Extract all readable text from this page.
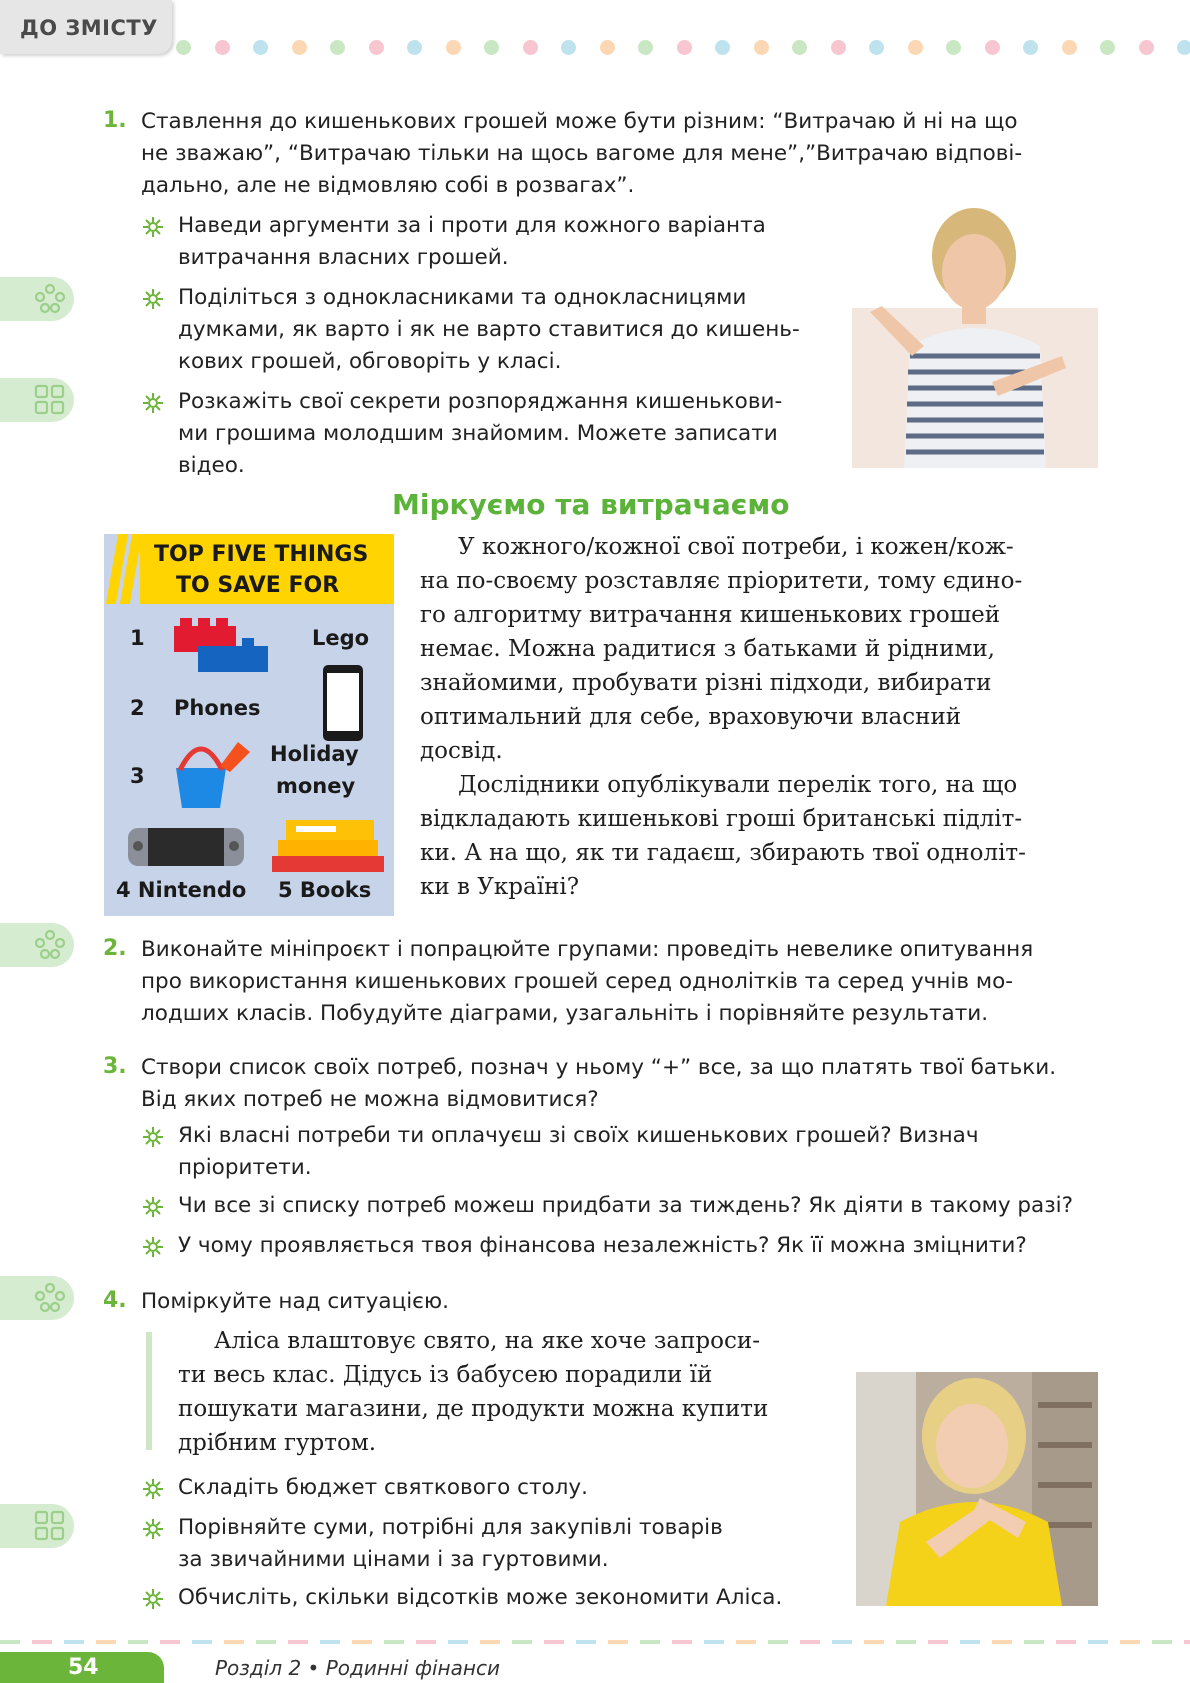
ДО ЗМІСТУ
1. Ставлення до кишенькових грошей може бути різним: “Витрачаю й ні на що
не зважаю”, “Витрачаю тільки на щось вагоме для мене”,”Витрачаю відпові-
дально, але не відмовляю собі в розвагах”.
Наведи аргументи за і проти для кожного варіанта
витрачання власних грошей.
Поділіться з однокласниками та однокласницями
думками, як варто і як не варто ставитися до кишень-
кових грошей, обговоріть у класі.
Розкажіть свої секрети розпоряджання кишенькови-
ми грошима молодшим знайомим. Можете записати
відео.
Міркуємо та витрачаємо
TOP FIVE THINGS
TO SAVE FOR
1	Lego
2 Phones
3
Holiday
money
4 Nintendo 5 Books
У кожного/кожної свої потреби, і кожен/кож-
на по-своєму розставляє пріоритети, тому єдино-
го алгоритму витрачання кишенькових грошей
немає. Можна радитися з батьками й рідними,
знайомими, пробувати різні підходи, вибирати
оптимальний для себе, враховуючи власний
досвід.
Дослідники опублікували перелік того, на що
відкладають кишенькові гроші британські підліт-
ки. А на що, як ти гадаєш, збирають твої одноліт-
ки в Україні?
2. Виконайте мініпроєкт і попрацюйте групами: проведіть невелике опитування
про використання кишенькових грошей серед однолітків та серед учнів мо-
лодших класів. Побудуйте діаграми, узагальніть і порівняйте результати.
3. Створи список своїх потреб, познач у ньому “+” все, за що платять твої батьки.
Від яких потреб не можна відмовитися?
Які власні потреби ти оплачуєш зі своїх кишенькових грошей? Визнач
пріоритети.
Чи все зі списку потреб можеш придбати за тиждень? Як діяти в такому разі?
У чому проявляється твоя фінансова незалежність? Як її можна зміцнити?
4. Поміркуйте над ситуацією.
Аліса влаштовує свято, на яке хоче запроси-
ти весь клас. Дідусь із бабусею порадили їй
пошукати магазини, де продукти можна купити
дрібним гуртом.
Складіть бюджет святкового столу.
Порівняйте суми, потрібні для закупівлі товарів
за звичайними цінами і за гуртовими.
Обчисліть, скільки відсотків може зекономити Аліса.
54	Розділ 2 • Родинні фінанси
